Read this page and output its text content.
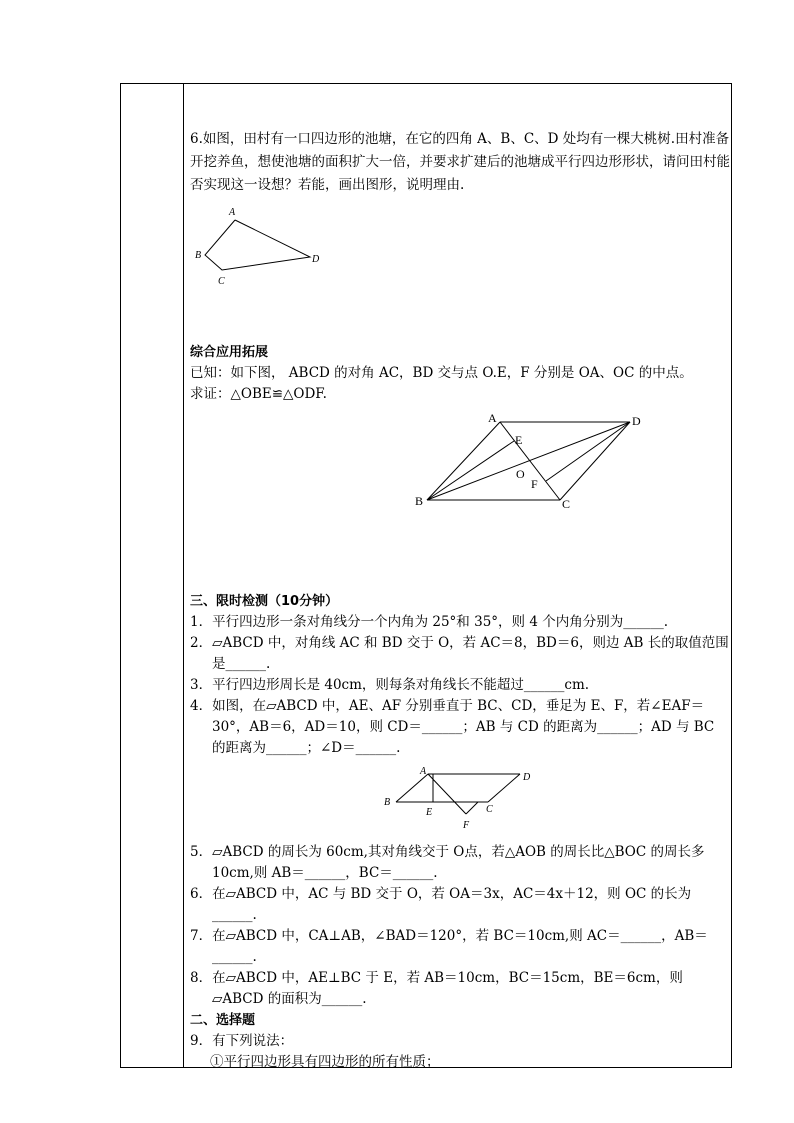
6.如图，田村有一口四边形的池塘，在它的四角 A、B、C、D 处均有一棵大桃树.田村准备开挖养鱼，想使池塘的面积扩大一倍，并要求扩建后的池塘成平行四边形形状，请问田村能否实现这一设想？若能，画出图形，说明理由.

A
B
C
D

综合应用拓展

已知：如下图， ABCD 的对角 AC，BD 交与点 O.E，F 分别是 OA、OC 的中点。

求证：△OBE≌△ODF.

A	D
E
O
F
B	C

三、限时检测（10分钟）

1．平行四边形一条对角线分一个内角为 25°和 35°，则 4 个内角分别为______.

2．▱ABCD 中，对角线 AC 和 BD 交于 O，若 AC＝8，BD＝6，则边 AB 长的取值范围是______.

3．平行四边形周长是 40cm，则每条对角线长不能超过______cm.

4．如图，在▱ABCD 中，AE、AF 分别垂直于 BC、CD，垂足为 E、F，若∠EAF＝30°，AB＝6，AD＝10，则 CD＝______；AB 与 CD 的距离为______；AD 与 BC 的距离为______；∠D＝______.

A
D
B
E	C
F

5．▱ABCD 的周长为 60cm,其对角线交于 O点，若△AOB 的周长比△BOC 的周长多 10cm,则 AB＝______，BC＝______.

6．在▱ABCD 中，AC 与 BD 交于 O，若 OA＝3x，AC＝4x＋12，则 OC 的长为______.

7．在▱ABCD 中，CA⊥AB，∠BAD＝120°，若 BC＝10cm,则 AC＝______，AB＝______.

8．在▱ABCD 中，AE⊥BC 于 E，若 AB＝10cm，BC＝15cm，BE＝6cm，则▱ABCD 的面积为______.

二、选择题

9．有下列说法：

①平行四边形具有四边形的所有性质；
